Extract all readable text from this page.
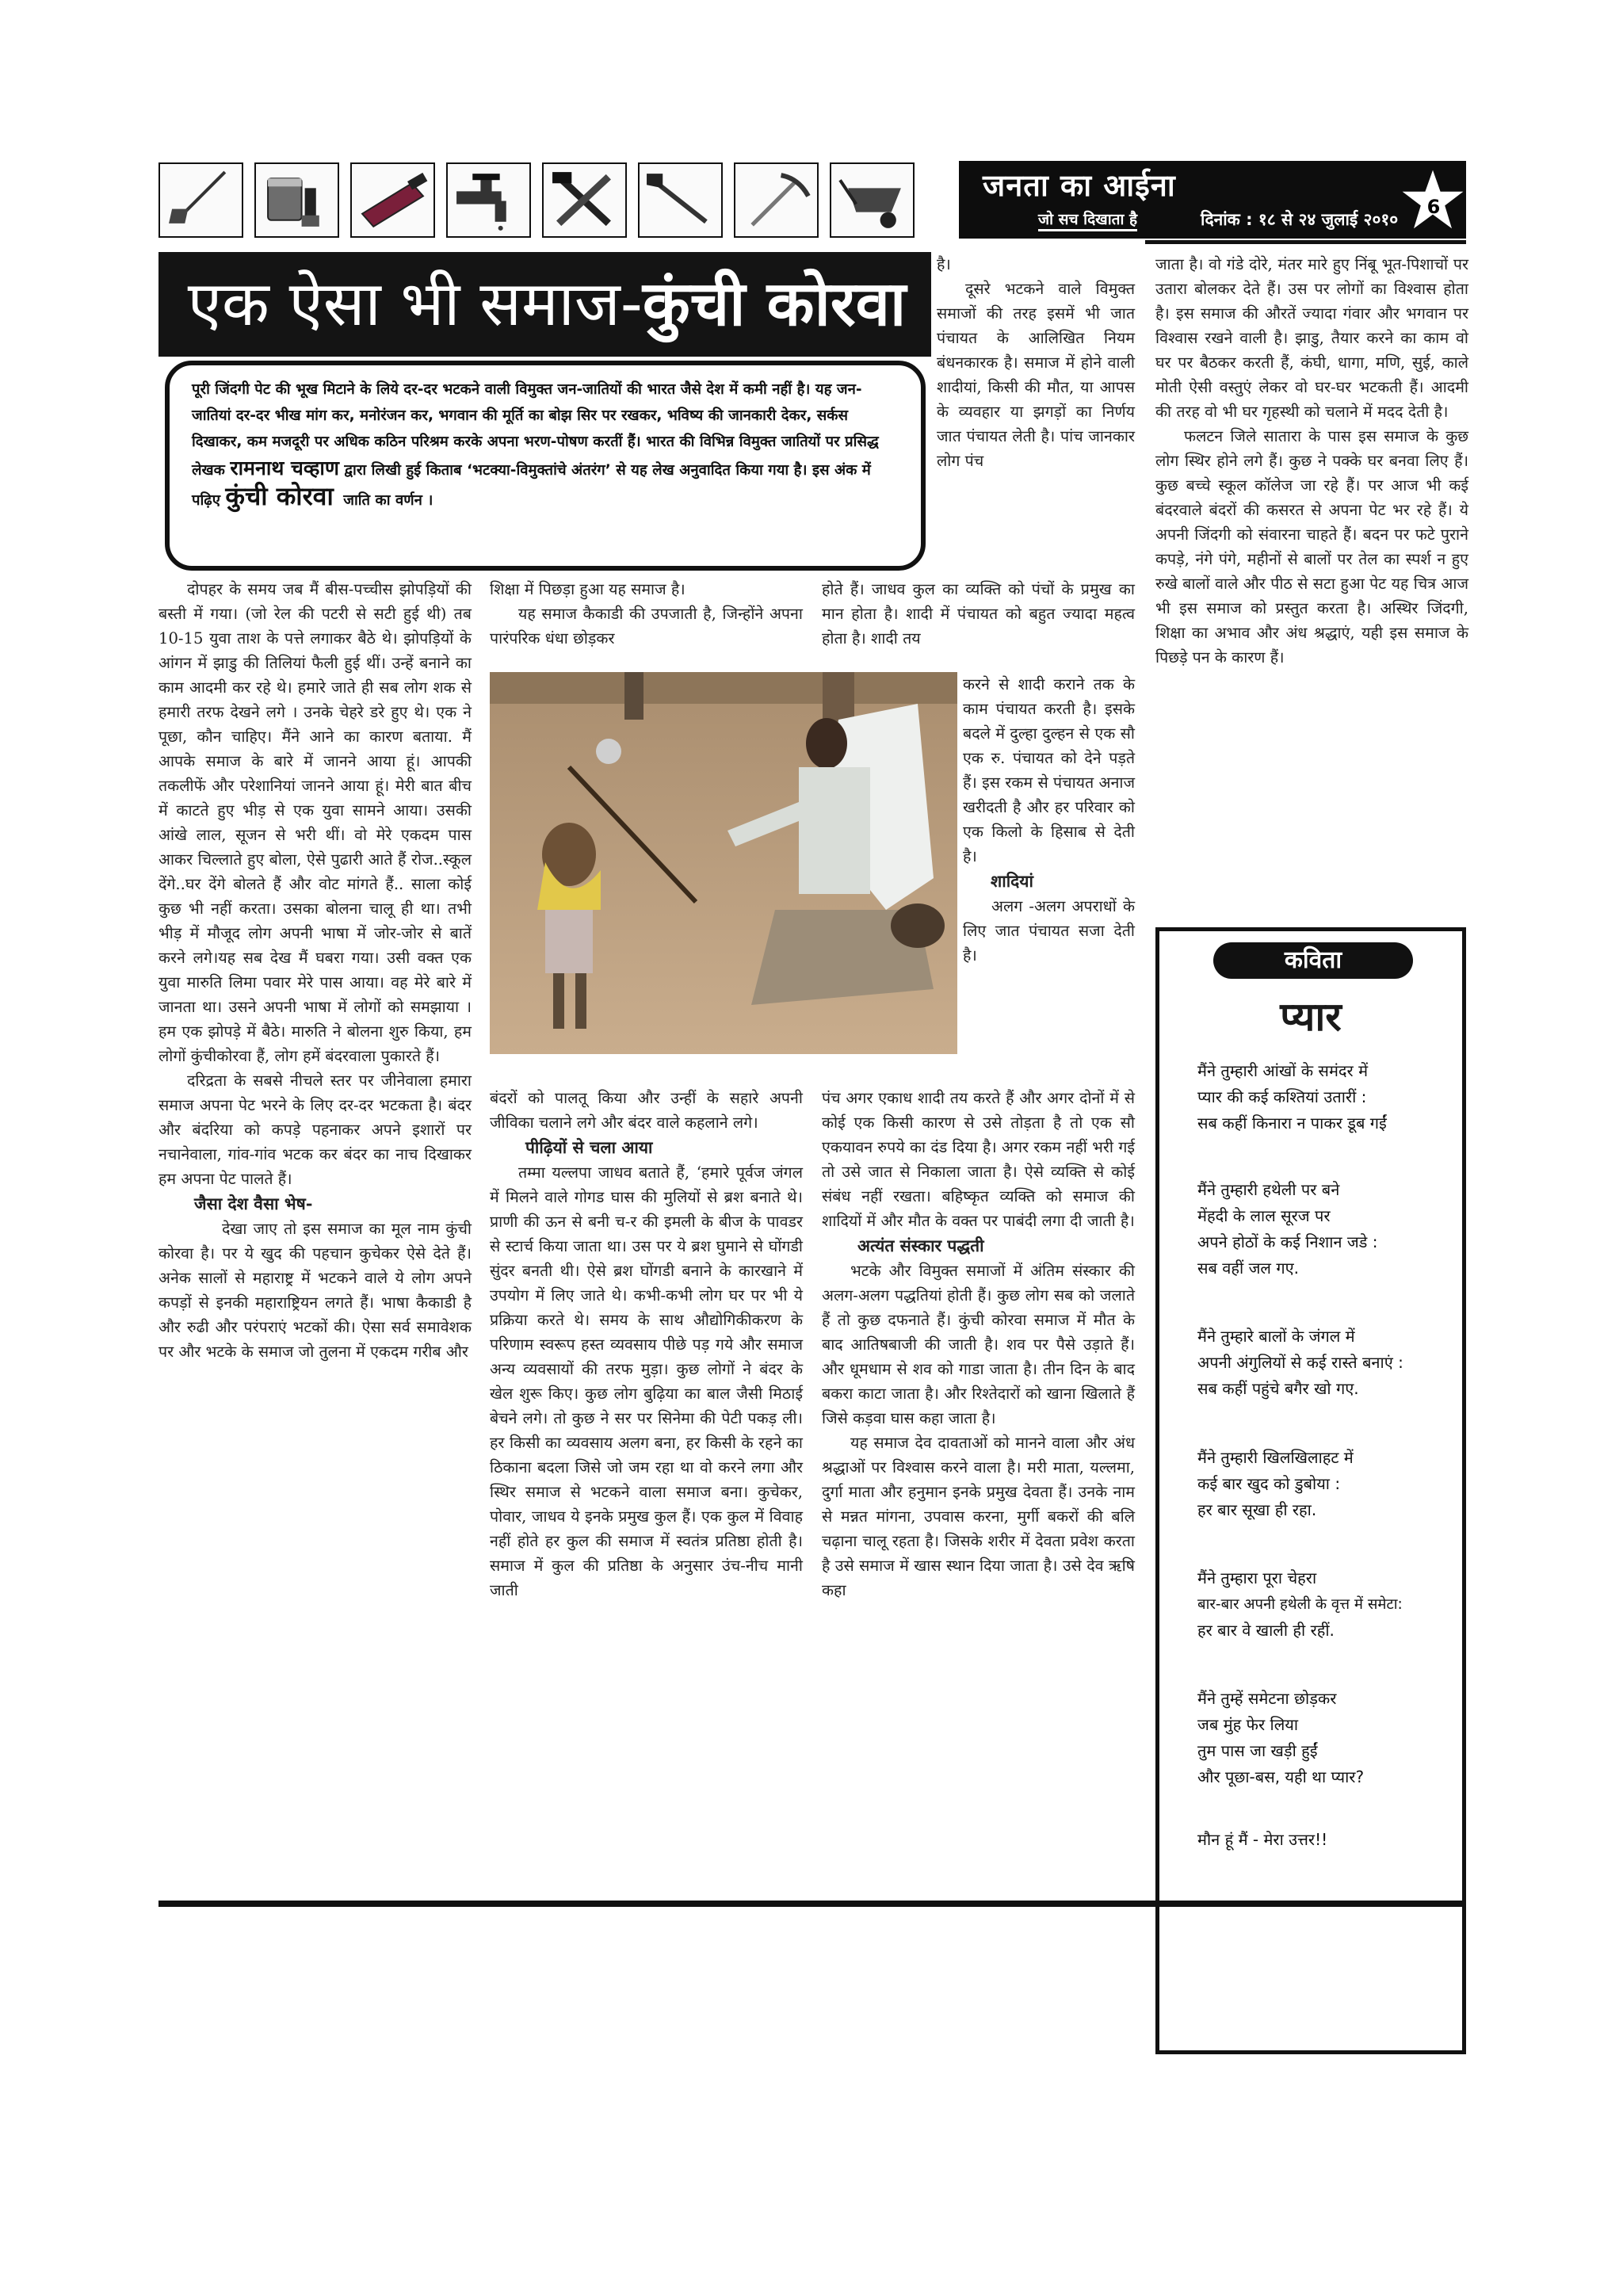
जनता का आईना
जो सच दिखाता है	दिनांक : १८ से २४ जुलाई २०१०
6
एक ऐसा भी समाज-कुंची कोरवा
पूरी जिंदगी पेट की भूख मिटाने के लिये दर-दर भटकने वाली विमुक्त जन-जातियों की भारत जैसे देश में कमी नहीं है। यह जन-जातियां दर-दर भीख मांग कर, मनोरंजन कर, भगवान की मूर्ति का बोझ सिर पर रखकर, भविष्य की जानकारी देकर, सर्कस दिखाकर, कम मजदूरी पर अधिक कठिन परिश्रम करके अपना भरण-पोषण करतीं हैं। भारत की विभिन्न विमुक्त जातियों पर प्रसिद्ध लेखक रामनाथ चव्हाण द्वारा लिखी हुई किताब ‘भटक्या-विमुक्तांचे अंतरंग’ से यह लेख अनुवादित किया गया है। इस अंक में पढ़िए कुंची कोरवा जाति का वर्णन ।

दोपहर के समय जब मैं बीस-पच्चीस झोपड़ियों की बस्ती में गया। (जो रेल की पटरी से सटी हुई थी) तब 10-15 युवा ताश के पत्ते लगाकर बैठे थे। झोपड़ियों के आंगन में झाडु की तिलियां फैली हुई थीं। उन्हें बनाने का काम आदमी कर रहे थे। हमारे जाते ही सब लोग शक से हमारी तरफ देखने लगे । उनके चेहरे डरे हुए थे। एक ने पूछा, कौन चाहिए। मैंने आने का कारण बताया. मैं आपके समाज के बारे में जानने आया हूं। आपकी तकलीफें और परेशानियां जानने आया हूं। मेरी बात बीच में काटते हुए भीड़ से एक युवा सामने आया। उसकी आंखे लाल, सूजन से भरी थीं। वो मेरे एकदम पास आकर चिल्लाते हुए बोला, ऐसे पुढारी आते हैं रोज..स्कूल देंगे..घर देंगे बोलते हैं और वोट मांगते हैं.. साला कोई कुछ भी नहीं करता। उसका बोलना चालू ही था। तभी भीड़ में मौजूद लोग अपनी भाषा में जोर-जोर से बातें करने लगे।यह सब देख मैं घबरा गया। उसी वक्त एक युवा मारुति लिमा पवार मेरे पास आया। वह मेरे बारे में जानता था। उसने अपनी भाषा में लोगों को समझाया । हम एक झोपड़े में बैठे। मारुति ने बोलना शुरु किया, हम लोगों कुंचीकोरवा हैं, लोग हमें बंदरवाला पुकारते हैं।

दरिद्रता के सबसे नीचले स्तर पर जीनेवाला हमारा समाज अपना पेट भरने के लिए दर-दर भटकता है। बंदर और बंदरिया को कपड़े पहनाकर अपने इशारों पर नचानेवाला, गांव-गांव भटक कर बंदर का नाच दिखाकर हम अपना पेट पालते हैं।

जैसा देश वैसा भेष-

देखा जाए तो इस समाज का मूल नाम कुंची कोरवा है। पर ये खुद की पहचान कुचेकर ऐसे देते हैं। अनेक सालों से महाराष्ट्र में भटकने वाले ये लोग अपने कपड़ों से इनकी महाराष्ट्रियन लगते हैं। भाषा कैकाडी है और रुढी और परंपराएं भटकों की। ऐसा सर्व समावेशक पर और भटके के समाज जो तुलना में एकदम गरीब और

शिक्षा में पिछड़ा हुआ यह समाज है।

यह समाज कैकाडी की उपजाती है, जिन्होंने अपना पारंपरिक धंधा छोड़कर

बंदरों को पालतू किया और उन्हीं के सहारे अपनी जीविका चलाने लगे और बंदर वाले कहलाने लगे।

पीढ़ियों से चला आया

तम्मा यल्लपा जाधव बताते हैं, ‘हमारे पूर्वज जंगल में मिलने वाले गोगड घास की मुलियों से ब्रश बनाते थे। प्राणी की ऊन से बनी च-र की इमली के बीज के पावडर से स्टार्च किया जाता था। उस पर ये ब्रश घुमाने से घोंगडी सुंदर बनती थी। ऐसे ब्रश घोंगडी बनाने के कारखाने में उपयोग में लिए जाते थे। कभी-कभी लोग घर पर भी ये प्रक्रिया करते थे। समय के साथ औद्योगिकीकरण के परिणाम स्वरूप हस्त व्यवसाय पीछे पड़ गये और समाज अन्य व्यवसायों की तरफ मुड़ा। कुछ लोगों ने बंदर के खेल शुरू किए। कुछ लोग बुढ़िया का बाल जैसी मिठाई बेचने लगे। तो कुछ ने सर पर सिनेमा की पेटी पकड़ ली। हर किसी का व्यवसाय अलग बना, हर किसी के रहने का ठिकाना बदला जिसे जो जम रहा था वो करने लगा और स्थिर समाज से भटकने वाला समाज बना। कुचेकर, पोवार, जाधव ये इनके प्रमुख कुल हैं। एक कुल में विवाह नहीं होते हर कुल की समाज में स्वतंत्र प्रतिष्ठा होती है। समाज में कुल की प्रतिष्ठा के अनुसार उंच-नीच मानी जाती

है।

दूसरे भटकने वाले विमुक्त समाजों की तरह इसमें भी जात पंचायत के आलिखित नियम बंधनकारक है। समाज में होने वाली शादीयां, किसी की मौत, या आपस के व्यवहार या झगड़ों का निर्णय जात पंचायत लेती है। पांच जानकार लोग पंच

होते हैं। जाधव कुल का व्यक्ति को पंचों के प्रमुख का मान होता है। शादी में पंचायत को बहुत ज्यादा महत्व होता है। शादी तय

करने से शादी कराने तक के काम पंचायत करती है। इसके बदले में दुल्हा दुल्हन से एक सौ एक रु. पंचायत को देने पड़ते हैं। इस रकम से पंचायत अनाज खरीदती है और हर परिवार को एक किलो के हिसाब से देती है।

शादियां

अलग -अलग अपराधों के लिए जात पंचायत सजा देती है।

पंच अगर एकाध शादी तय करते हैं और अगर दोनों में से कोई एक किसी कारण से उसे तोड़ता है तो एक सौ एकयावन रुपये का दंड दिया है। अगर रकम नहीं भरी गई तो उसे जात से निकाला जाता है। ऐसे व्यक्ति से कोई संबंध नहीं रखता। बहिष्कृत व्यक्ति को समाज की शादियों में और मौत के वक्त पर पाबंदी लगा दी जाती है।

अत्यंत संस्कार पद्धती

भटके और विमुक्त समाजों में अंतिम संस्कार की अलग-अलग पद्धतियां होती हैं। कुछ लोग सब को जलाते हैं तो कुछ दफनाते हैं। कुंची कोरवा समाज में मौत के बाद आतिषबाजी की जाती है। शव पर पैसे उड़ाते हैं। और धूमधाम से शव को गाडा जाता है। तीन दिन के बाद बकरा काटा जाता है। और रिश्तेदारों को खाना खिलाते हैं जिसे कड़वा घास कहा जाता है।

यह समाज देव दावताओं को मानने वाला और अंध श्रद्धाओं पर विश्वास करने वाला है। मरी माता, यल्लमा, दुर्गा माता और हनुमान इनके प्रमुख देवता हैं। उनके नाम से मन्नत मांगना, उपवास करना, मुर्गी बकरों की बलि चढ़ाना चालू रहता है। जिसके शरीर में देवता प्रवेश करता है उसे समाज में खास स्थान दिया जाता है। उसे देव ऋषि कहा

जाता है। वो गंडे दोरे, मंतर मारे हुए निंबू भूत-पिशाचों पर उतारा बोलकर देते हैं। उस पर लोगों का विश्वास होता है। इस समाज की औरतें ज्यादा गंवार और भगवान पर विश्वास रखने वाली है। झाडु, तैयार करने का काम वो घर पर बैठकर करती हैं, कंघी, धागा, मणि, सुई, काले मोती ऐसी वस्तुएं लेकर वो घर-घर भटकती हैं। आदमी की तरह वो भी घर गृहस्थी को चलाने में मदद देती है।

फलटन जिले सातारा के पास इस समाज के कुछ लोग स्थिर होने लगे हैं। कुछ ने पक्के घर बनवा लिए हैं। कुछ बच्चे स्कूल कॉलेज जा रहे हैं। पर आज भी कई बंदरवाले बंदरों की कसरत से अपना पेट भर रहे हैं। ये अपनी जिंदगी को संवारना चाहते हैं। बदन पर फटे पुराने कपड़े, नंगे पंगे, महीनों से बालों पर तेल का स्पर्श न हुए रुखे बालों वाले और पीठ से सटा हुआ पेट यह चित्र आज भी इस समाज को प्रस्तुत करता है। अस्थिर जिंदगी, शिक्षा का अभाव और अंध श्रद्धाएं, यही इस समाज के पिछड़े पन के कारण हैं।

कविता
प्यार
मैंने तुम्हारी आंखों के समंदर में
प्यार की कई कश्तियां उतारीं :
सब कहीं किनारा न पाकर डूब गईं
मैंने तुम्हारी हथेली पर बने
मेंहदी के लाल सूरज पर
अपने होठों के कई निशान जडे :
सब वहीं जल गए.
मैंने तुम्हारे बालों के जंगल में
अपनी अंगुलियों से कई रास्ते बनाएं :
सब कहीं पहुंचे बगैर खो गए.
मैंने तुम्हारी खिलखिलाहट में
कई बार खुद को डुबोया :
हर बार सूखा ही रहा.
मैंने तुम्हारा पूरा चेहरा
बार-बार अपनी हथेली के वृत्त में समेटा:
हर बार वे खाली ही रहीं.
मैंने तुम्हें समेटना छोड़कर
जब मुंह फेर लिया
तुम पास जा खड़ी हुईं
और पूछा-बस, यही था प्यार?
मौन हूं मैं - मेरा उत्तर!!
